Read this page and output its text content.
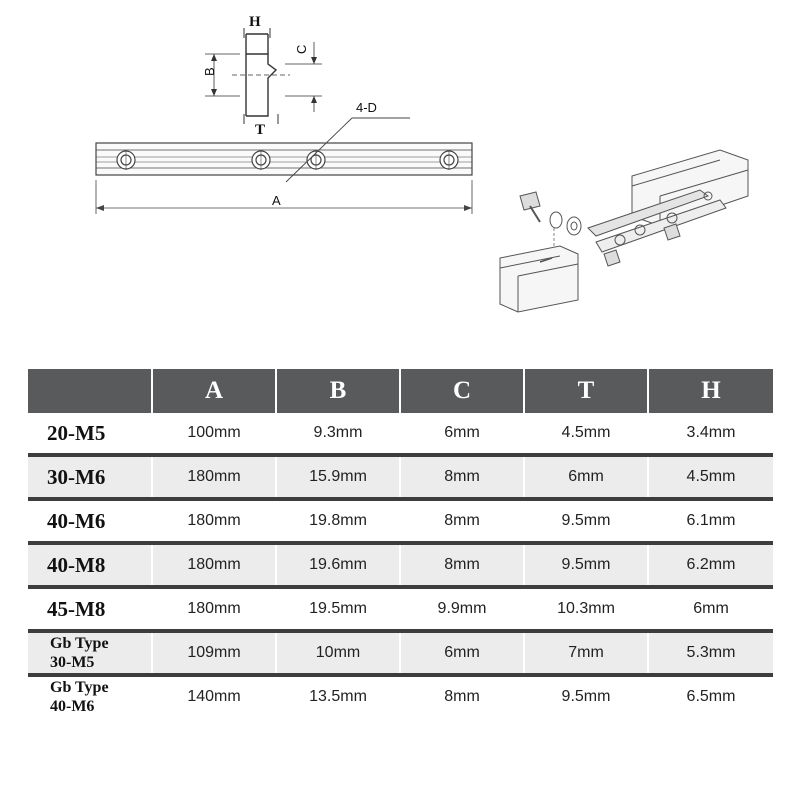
H
B
C
T
4-D
A
	A	B	C	T	H
20-M5	100mm	9.3mm	6mm	4.5mm	3.4mm
30-M6	180mm	15.9mm	8mm	6mm	4.5mm
40-M6	180mm	19.8mm	8mm	9.5mm	6.1mm
40-M8	180mm	19.6mm	8mm	9.5mm	6.2mm
45-M8	180mm	19.5mm	9.9mm	10.3mm	6mm

Gb Type
30-M5	109mm	10mm	6mm	7mm	5.3mm

Gb Type
40-M6	140mm	13.5mm	8mm	9.5mm	6.5mm
